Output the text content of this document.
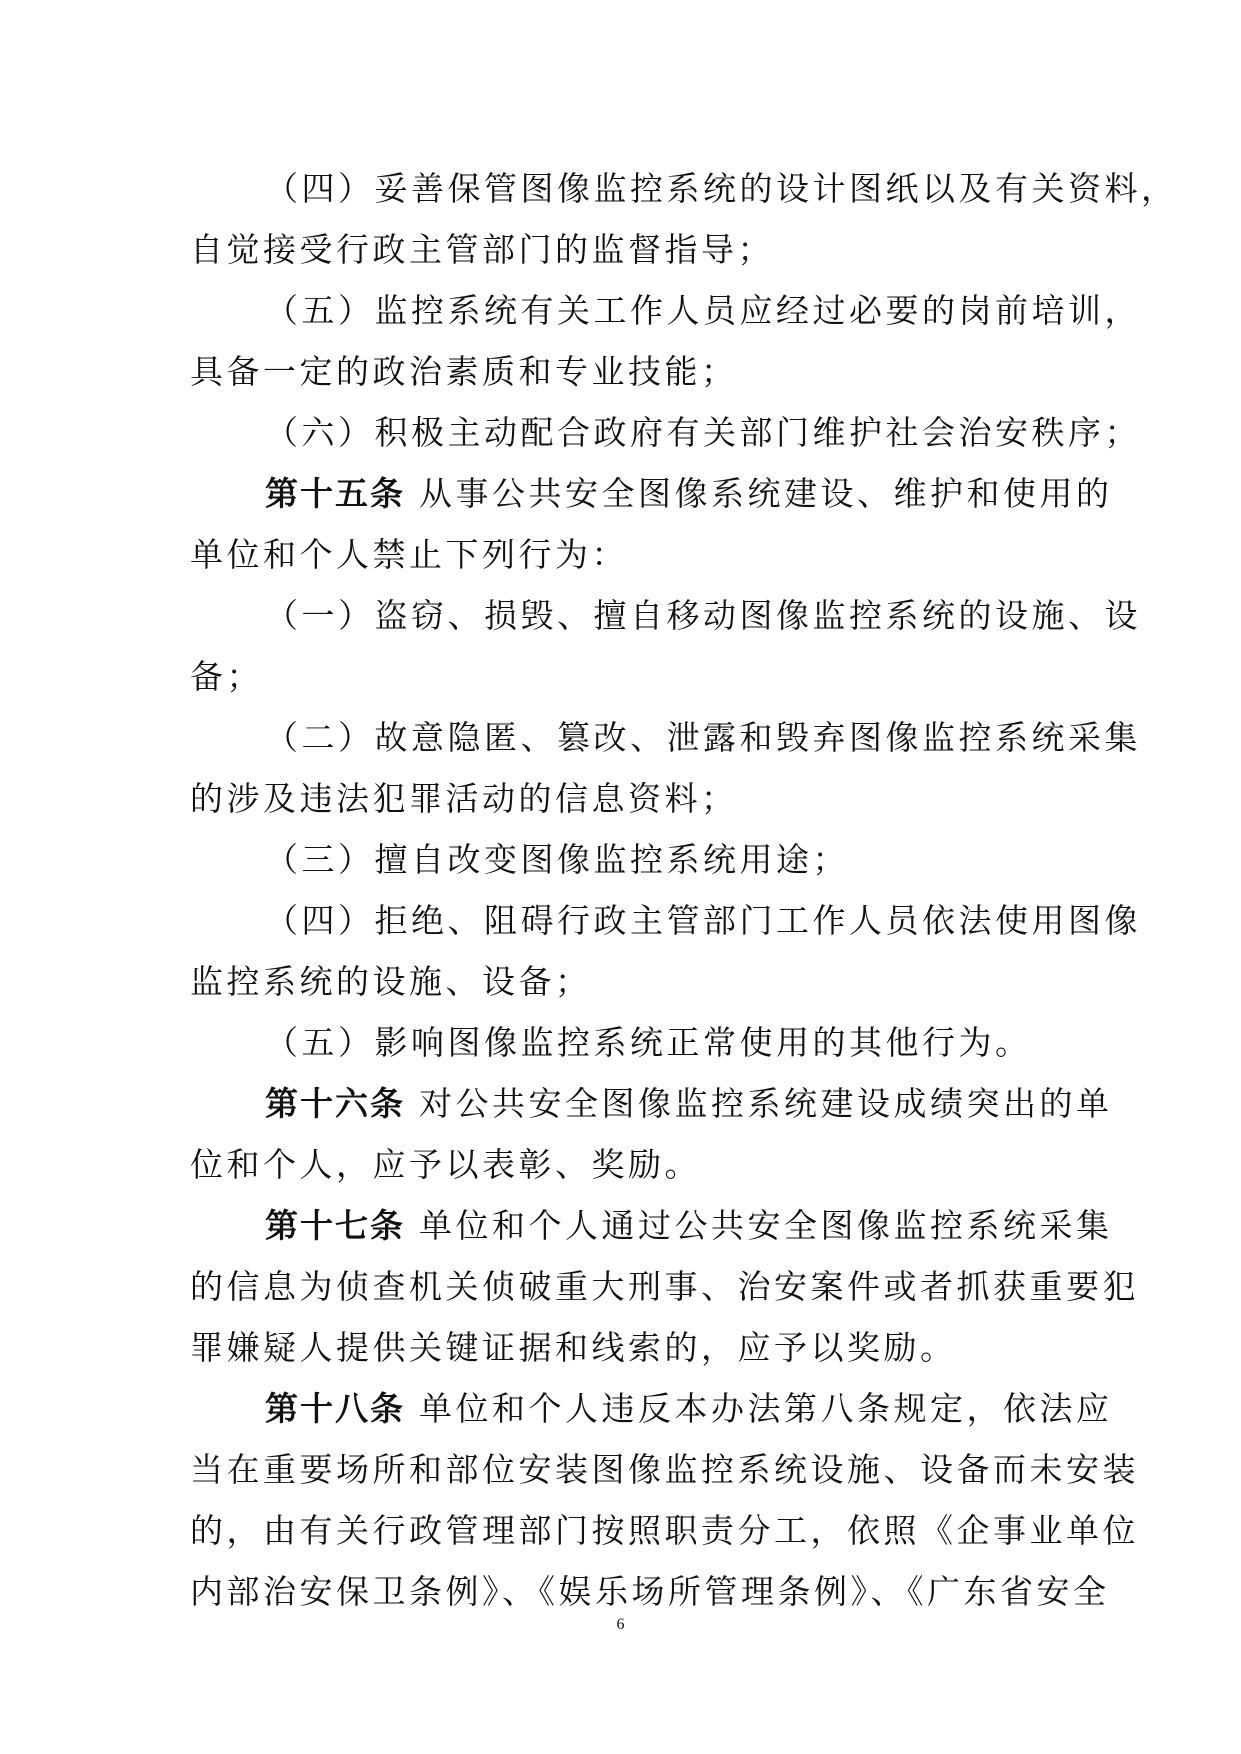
（四）妥善保管图像监控系统的设计图纸以及有关资料，
自觉接受行政主管部门的监督指导；
（五）监控系统有关工作人员应经过必要的岗前培训，
具备一定的政治素质和专业技能；
（六）积极主动配合政府有关部门维护社会治安秩序；
第十五条 从事公共安全图像系统建设、维护和使用的
单位和个人禁止下列行为：
（一）盗窃、损毁、擅自移动图像监控系统的设施、设
备；
（二）故意隐匿、篡改、泄露和毁弃图像监控系统采集
的涉及违法犯罪活动的信息资料；
（三）擅自改变图像监控系统用途；
（四）拒绝、阻碍行政主管部门工作人员依法使用图像
监控系统的设施、设备；
（五）影响图像监控系统正常使用的其他行为。
第十六条 对公共安全图像监控系统建设成绩突出的单
位和个人，应予以表彰、奖励。
第十七条 单位和个人通过公共安全图像监控系统采集
的信息为侦查机关侦破重大刑事、治安案件或者抓获重要犯
罪嫌疑人提供关键证据和线索的，应予以奖励。
第十八条 单位和个人违反本办法第八条规定，依法应
当在重要场所和部位安装图像监控系统设施、设备而未安装
的，由有关行政管理部门按照职责分工，依照《企事业单位
内部治安保卫条例》、《娱乐场所管理条例》、《广东省安全
6
